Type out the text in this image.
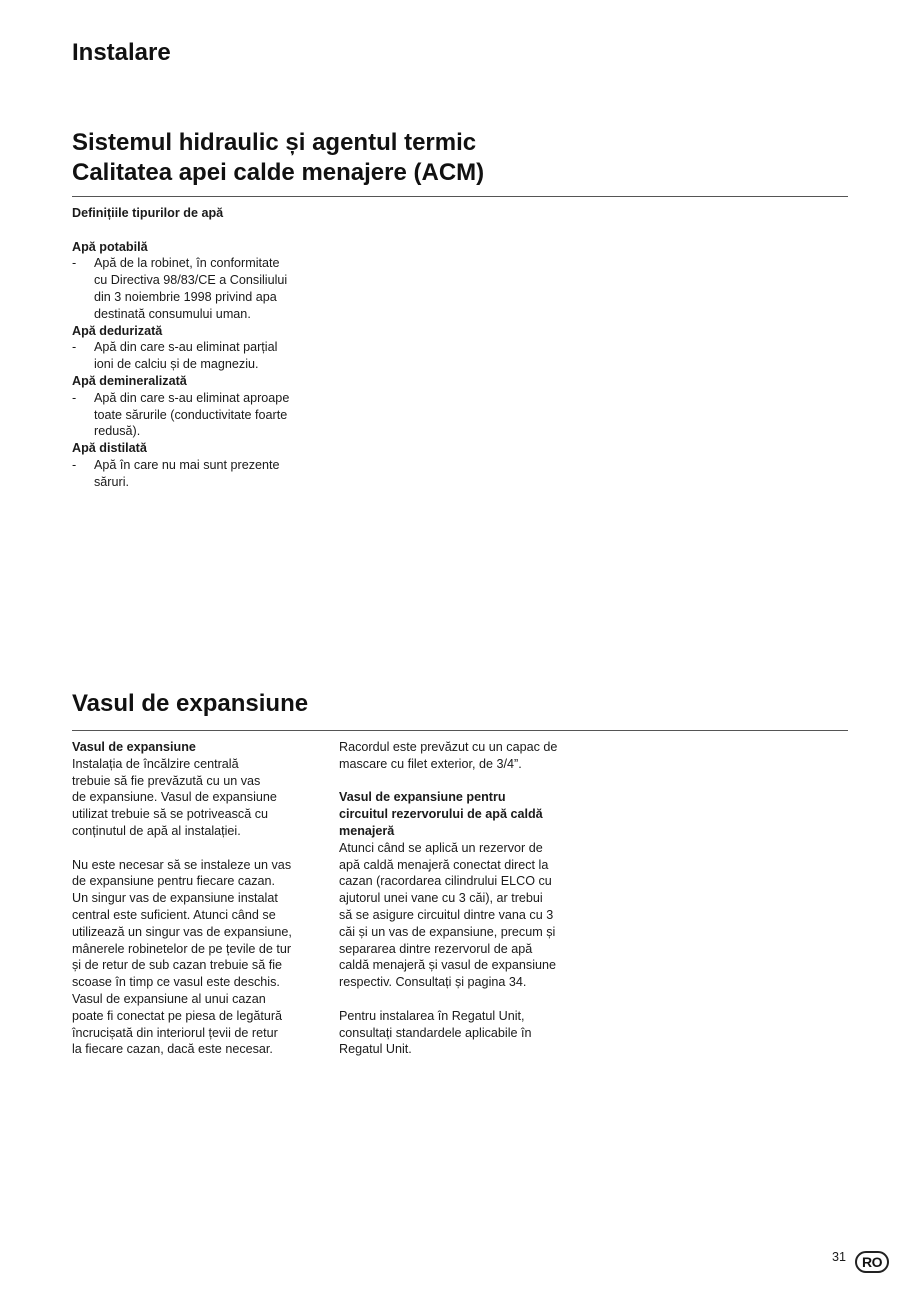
Instalare
Sistemul hidraulic și agentul termic
Calitatea apei calde menajere (ACM)
Definițiile tipurilor de apă
Apă potabilă
- Apă de la robinet, în conformitate
cu Directiva 98/83/CE a Consiliului
din 3 noiembrie 1998 privind apa
destinată consumului uman.
Apă dedurizată
- Apă din care s-au eliminat parțial
ioni de calciu și de magneziu.
Apă demineralizată
- Apă din care s-au eliminat aproape
toate sărurile (conductivitate foarte
redusă).
Apă distilată
- Apă în care nu mai sunt prezente
săruri.
Vasul de expansiune
Vasul de expansiune
Instalația de încălzire centrală
trebuie să fie prevăzută cu un vas
de expansiune. Vasul de expansiune
utilizat trebuie să se potrivească cu
conținutul de apă al instalației.
Nu este necesar să se instaleze un vas
de expansiune pentru fiecare cazan.
Un singur vas de expansiune instalat
central este suficient. Atunci când se
utilizează un singur vas de expansiune,
mânerele robinetelor de pe țevile de tur
și de retur de sub cazan trebuie să fie
scoase în timp ce vasul este deschis.
Vasul de expansiune al unui cazan
poate fi conectat pe piesa de legătură
încrucișată din interiorul țevii de retur
la fiecare cazan, dacă este necesar.
Racordul este prevăzut cu un capac de
mascare cu filet exterior, de 3/4”.
Vasul de expansiune pentru
circuitul rezervorului de apă caldă
menajeră
Atunci când se aplică un rezervor de
apă caldă menajeră conectat direct la
cazan (racordarea cilindrului ELCO cu
ajutorul unei vane cu 3 căi), ar trebui
să se asigure circuitul dintre vana cu 3
căi și un vas de expansiune, precum și
separarea dintre rezervorul de apă
caldă menajeră și vasul de expansiune
respectiv. Consultați și pagina 34.
Pentru instalarea în Regatul Unit,
consultați standardele aplicabile în
Regatul Unit.
31	RO
